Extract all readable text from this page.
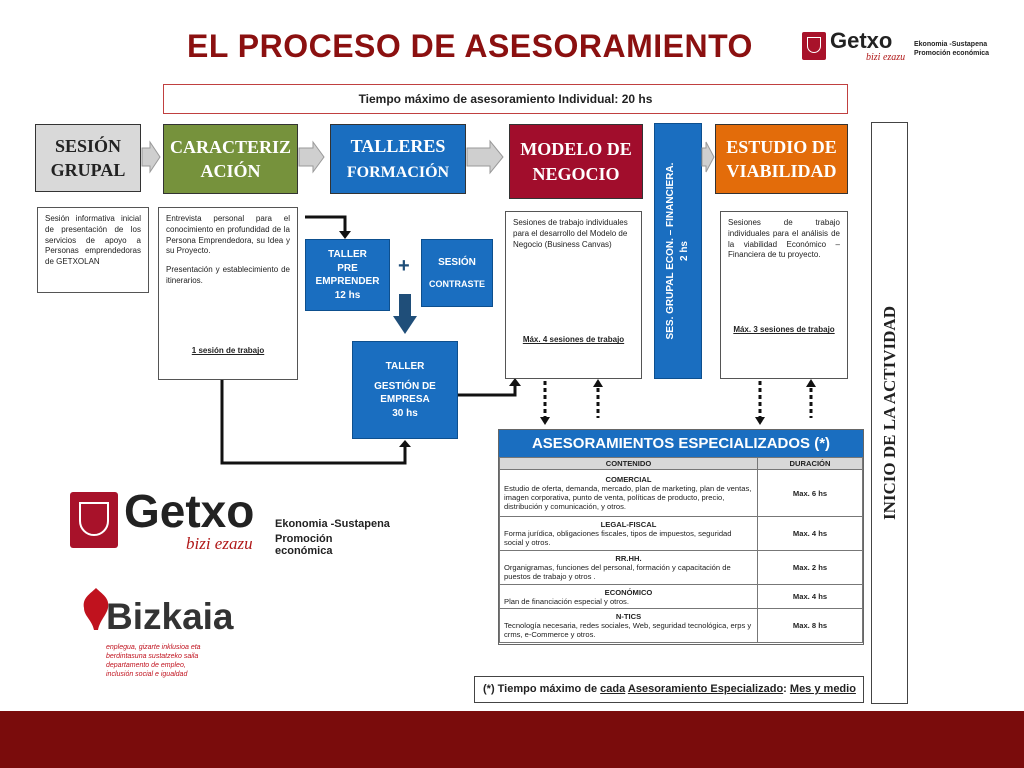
EL PROCESO DE ASESORAMIENTO	Getxo
bizi ezazu
Ekonomia -Sustapena
Promoción económica
Tiempo máximo de asesoramiento Individual: 20 hs
SESIÓN
GRUPAL
CARACTERIZ
ACIÓN
TALLERES
FORMACIÓN
MODELO DE
NEGOCIO
ESTUDIO DE
VIABILIDAD
SES. GRUPAL ECON. – FINANCIERA. 2 hs
INICIO DE LA ACTIVIDAD
Sesión informativa inicial de presentación de los servicios de apoyo a Personas emprendedoras de GETXOLAN
Entrevista personal para el conocimiento en profundidad de la Persona Emprendedora, su Idea y su Proyecto.
Presentación y establecimiento de itinerarios.
1 sesión de trabajo
TALLER
PRE
EMPRENDER
12 hs
+	SESIÓN
CONTRASTE
TALLER
GESTIÓN DE
EMPRESA
30 hs
Sesiones de trabajo individuales para el desarrollo del Modelo de Negocio (Business Canvas)
Máx. 4 sesiones de trabajo
Sesiones de trabajo individuales para el análisis de la viabilidad Económico – Financiera de tu proyecto.
Máx. 3 sesiones de trabajo
ASESORAMIENTOS ESPECIALIZADOS (*)
CONTENIDO	DURACIÓN

COMERCIAL
Estudio de oferta, demanda, mercado, plan de marketing, plan de ventas, imagen corporativa, punto de venta, políticas de producto, precio, distribución y comunicación, y otros.	Max. 6 hs

LEGAL-FISCAL
Forma jurídica, obligaciones fiscales, tipos de impuestos, seguridad social y otros.	Max. 4 hs

RR.HH.
Organigramas, funciones del personal, formación y capacitación de puestos de trabajo y otros .	Max. 2 hs

ECONÓMICO
Plan de financiación especial y otros.	Max. 4 hs

N-TICS
Tecnología necesaria, redes sociales, Web, seguridad tecnológica, erps y crms, e-Commerce y otros.	Max. 8 hs
(*) Tiempo máximo de cada Asesoramiento Especializado: Mes y medio
Getxo
bizi ezazu
Ekonomia -Sustapena
Promoción económica
Bizkaia
enplegua, gizarte inklusioa eta
berdintasuna sustatzeko saila
departamento de empleo,
inclusión social e igualdad
